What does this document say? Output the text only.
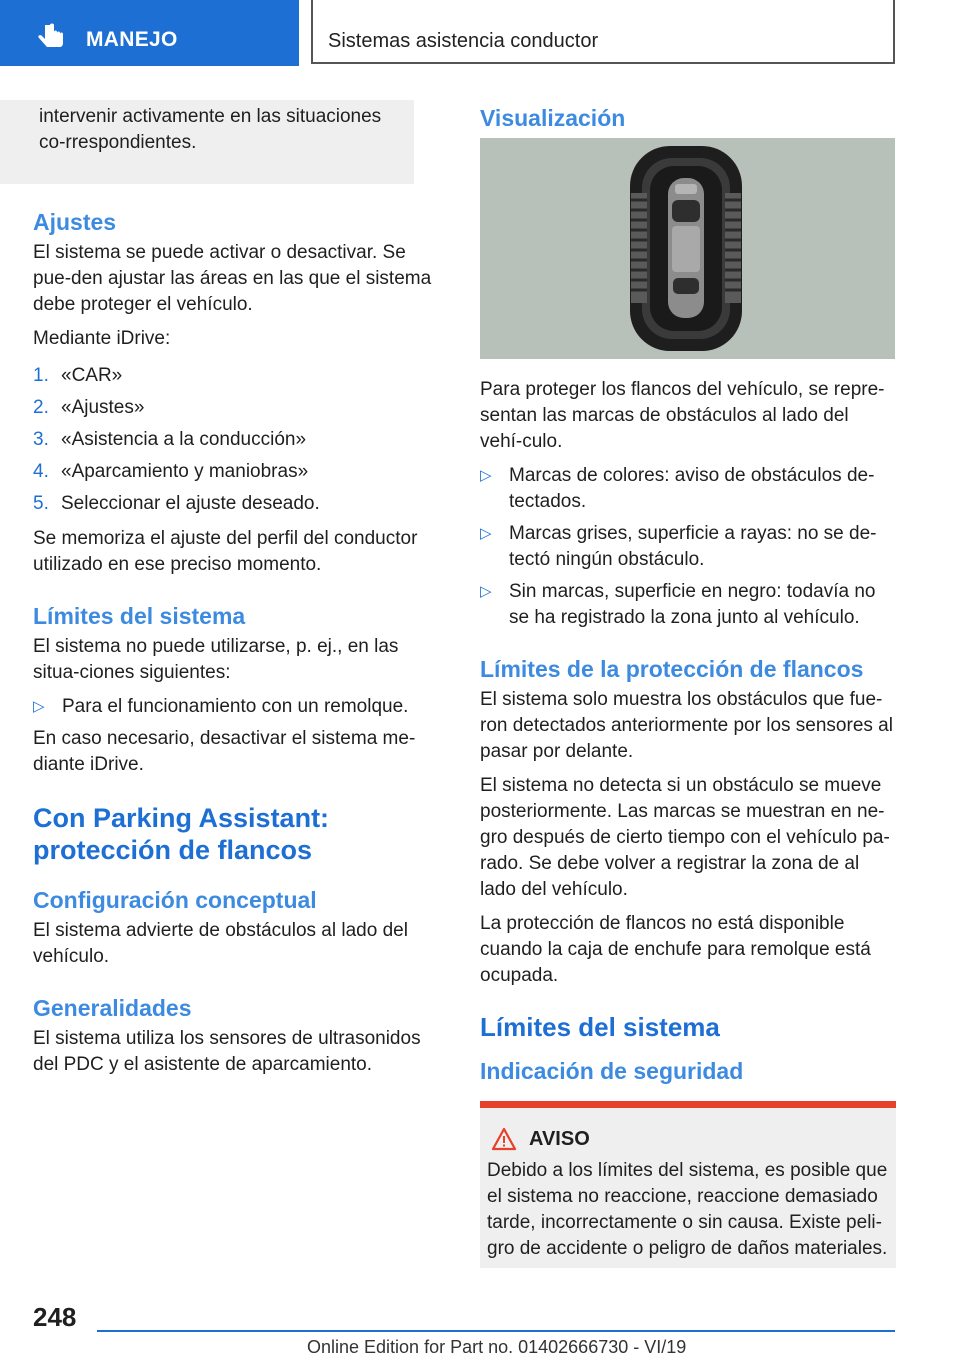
MANEJO	Sistemas asistencia conductor

intervenir activamente en las situaciones co-rrespondientes.

Ajustes

El sistema se puede activar o desactivar. Se pue-den ajustar las áreas en las que el sistema debe proteger el vehículo.

Mediante iDrive:

1. «CAR»
2. «Ajustes»
3. «Asistencia a la conducción»
4. «Aparcamiento y maniobras»
5. Seleccionar el ajuste deseado.

Se memoriza el ajuste del perfil del conductor utilizado en ese preciso momento.

Límites del sistema

El sistema no puede utilizarse, p. ej., en las situa-ciones siguientes:

▷ Para el funcionamiento con un remolque.

En caso necesario, desactivar el sistema me-diante iDrive.

Con Parking Assistant:
protección de flancos
Configuración conceptual

El sistema advierte de obstáculos al lado del vehículo.

Generalidades

El sistema utiliza los sensores de ultrasonidos del PDC y el asistente de aparcamiento.

Visualización

Para proteger los flancos del vehículo, se repre-sentan las marcas de obstáculos al lado del vehí-culo.

▷ Marcas de colores: aviso de obstáculos de-tectados.
▷ Marcas grises, superficie a rayas: no se de-tectó ningún obstáculo.
▷ Sin marcas, superficie en negro: todavía no se ha registrado la zona junto al vehículo.
Límites de la protección de flancos

El sistema solo muestra los obstáculos que fue-ron detectados anteriormente por los sensores al pasar por delante.

El sistema no detecta si un obstáculo se mueve posteriormente. Las marcas se muestran en ne-gro después de cierto tiempo con el vehículo pa-rado. Se debe volver a registrar la zona de al lado del vehículo.

La protección de flancos no está disponible cuando la caja de enchufe para remolque está ocupada.

Límites del sistema
Indicación de seguridad
AVISO

Debido a los límites del sistema, es posible que el sistema no reaccione, reaccione demasiado tarde, incorrectamente o sin causa. Existe peli-gro de accidente o peligro de daños materiales.

248
Online Edition for Part no. 01402666730 - VI/19
